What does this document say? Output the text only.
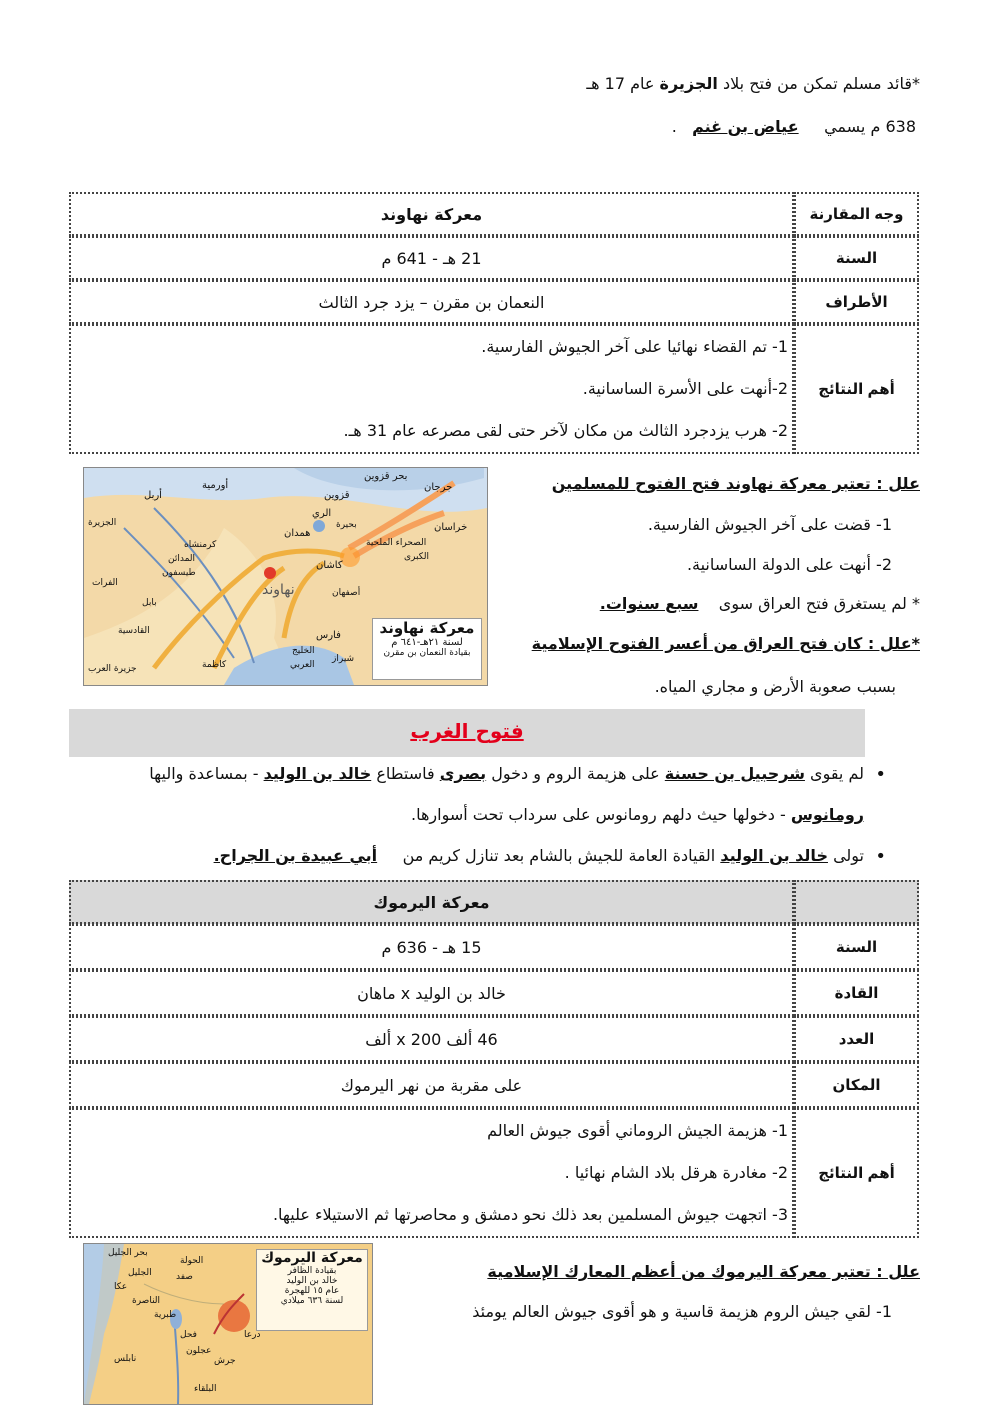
*قائد مسلم تمكن من فتح بلاد الجزيرة عام 17 هـ
638 م يسمي     عياض بن غنم   .
وجه المقارنة	معركة نهاوند
السنة	21 هـ - 641 م
الأطراف	النعمان بن مقرن – يزد جرد الثالث
أهم النتائج	1- تم القضاء نهائيا على آخر الجيوش الفارسية.
2-أنهت على الأسرة الساسانية.
2- هرب يزدجرد الثالث من مكان لآخر حتى لقى مصرعه عام 31 هـ.
معركة نهاوند
لسنة ٢١هـ-٦٤١ م
بقيادة النعمان بن مقرن
بحر قزوين
جرجان
أورمية
أربل	قزوين
الري
همدان
خراسان
بحيرة
الصحراء الملحية
الكبرى
كاشان
نهاوند
كرمنشاه
المدائن
طيسفون
أصفهان
بابل
القادسية	فارس
شيراز
الخليج
العربي
كاظمة
جزيرة العرب
الجزيرة
الفرات
علل : تعتبر معركة نهاوند فتح الفتوح للمسلمين
1- قضت على آخر الجيوش الفارسية.
2- أنهت على الدولة الساسانية.
* لم يستغرق فتح العراق سوى    سبع سنوات.
*علل : كان فتح العراق من أعسر الفتوح الإسلامية
بسبب صعوبة الأرض و مجاري المياه.
فتوح الغرب
• لم يقوى شرحبيل بن حسنة على هزيمة الروم و دخول بصرى فاستطاع خالد بن الوليد - بمساعدة واليها
رومانوس - دخولها حيث دلهم رومانوس على سرداب تحت أسوارها.
• تولى خالد بن الوليد القيادة العامة للجيش بالشام بعد تنازل كريم من     أبي عبيدة بن الجراح.
	معركة اليرموك
السنة	15 هـ - 636 م
القادة	خالد بن الوليد x ماهان
العدد	46 ألف x 200 ألف
المكان	على مقربة من نهر اليرموك
أهم النتائج	1- هزيمة الجيش الروماني أقوى جيوش العالم
2- مغادرة هرقل بلاد الشام نهائيا .
3- اتجهت جيوش المسلمين بعد ذلك نحو دمشق و محاصرتها ثم الاستيلاء عليها.
معركة اليرموك
بقيادة الظافر
خالد بن الوليد
عام ١٥ للهجرة
لسنة ٦٣٦ ميلادي
بحر الجليل
الحولة
صفد
الجليل
عكا
الناصرة
طبرية
عجلون
نابلس	جرش
فحل	درعا
البلقاء
علل : تعتبر معركة اليرموك من أعظم المعارك الإسلامية
1- لقي جيش الروم هزيمة قاسية و هو أقوى جيوش العالم يومئذ
